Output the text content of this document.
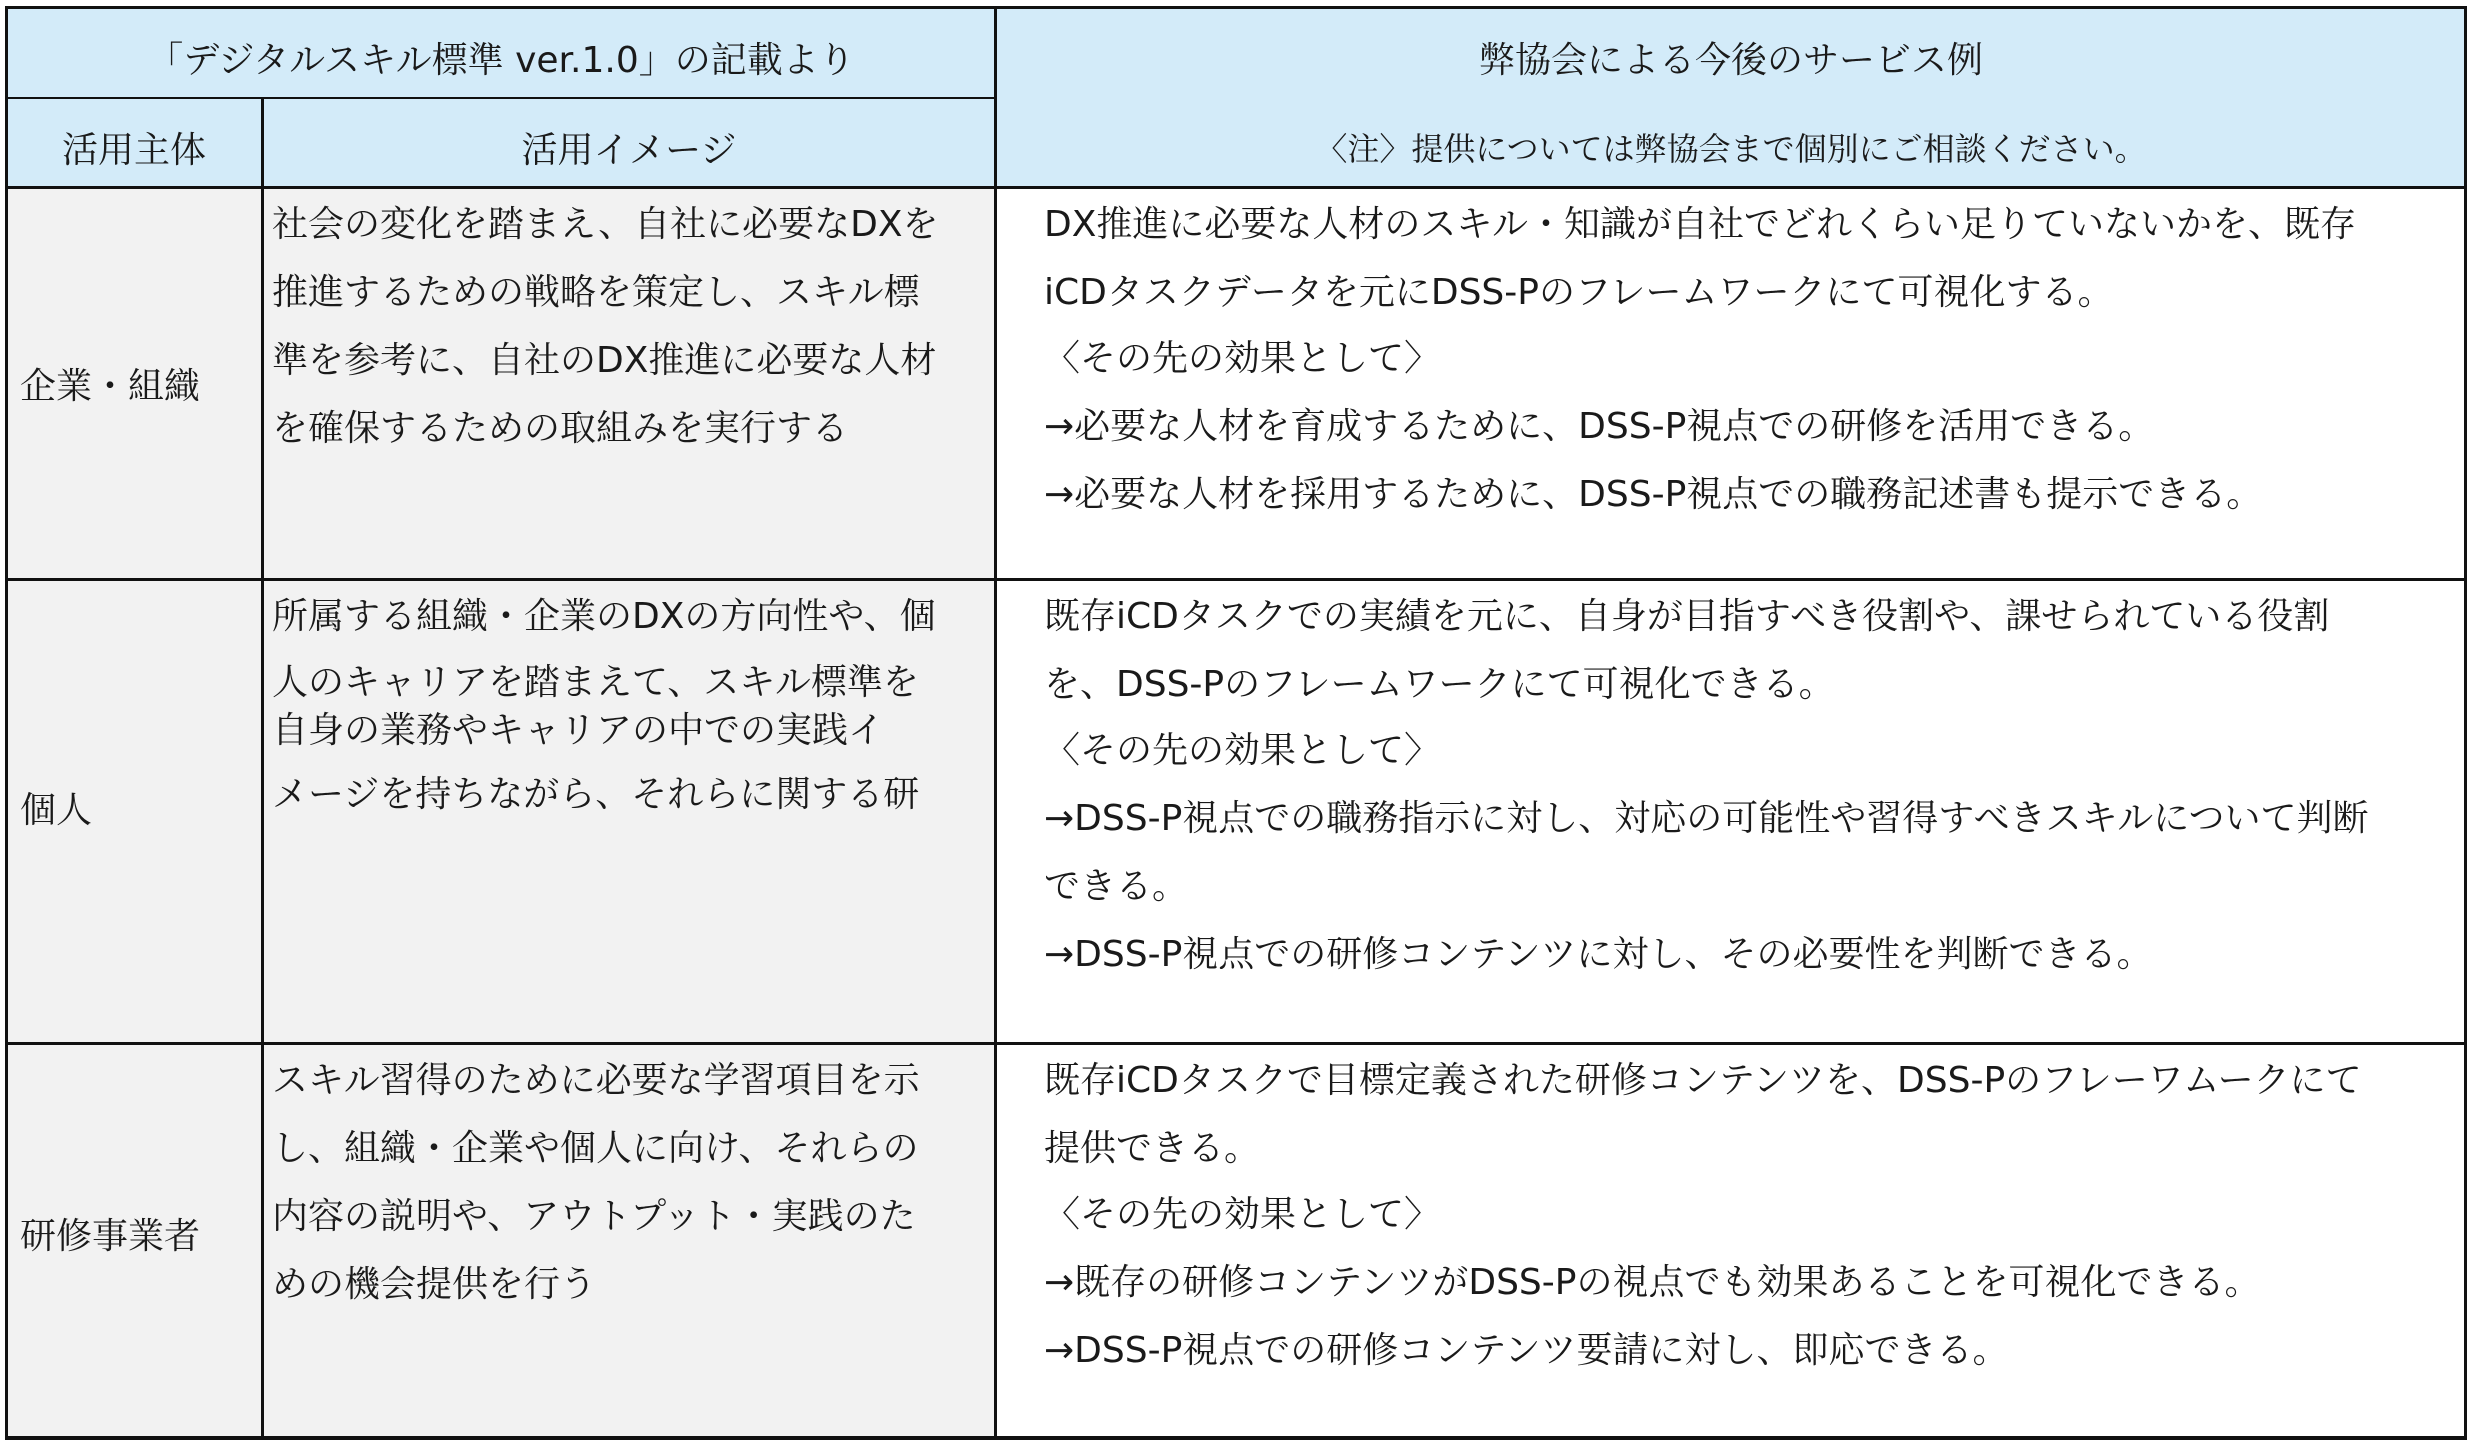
「デジタルスキル標準 ver.1.0」の記載より
活用主体	活用イメージ
弊協会による今後のサービス例
〈注〉提供については弊協会まで個別にご相談ください。
企業・組織
社会の変化を踏まえ、自社に必要なDXを
推進するための戦略を策定し、スキル標
準を参考に、自社のDX推進に必要な人材
を確保するための取組みを実行する
DX推進に必要な人材のスキル・知識が自社でどれくらい足りていないかを、既存
iCDタスクデータを元にDSS-Pのフレームワークにて可視化する。
〈その先の効果として〉
→必要な人材を育成するために、DSS-P視点での研修を活用できる。
→必要な人材を採用するために、DSS-P視点での職務記述書も提示できる。
個人
所属する組織・企業のDXの方向性や、個
人のキャリアを踏まえて、スキル標準を
自身の業務やキャリアの中での実践イ
メージを持ちながら、それらに関する研
既存iCDタスクでの実績を元に、自身が目指すべき役割や、課せられている役割
を、DSS-Pのフレームワークにて可視化できる。
〈その先の効果として〉
→DSS-P視点での職務指示に対し、対応の可能性や習得すべきスキルについて判断
できる。
→DSS-P視点での研修コンテンツに対し、その必要性を判断できる。
研修事業者
スキル習得のために必要な学習項目を示
し、組織・企業や個人に向け、それらの
内容の説明や、アウトプット・実践のた
めの機会提供を行う
既存iCDタスクで目標定義された研修コンテンツを、DSS-Pのフレーワムークにて
提供できる。
〈その先の効果として〉
→既存の研修コンテンツがDSS-Pの視点でも効果あることを可視化できる。
→DSS-P視点での研修コンテンツ要請に対し、即応できる。
